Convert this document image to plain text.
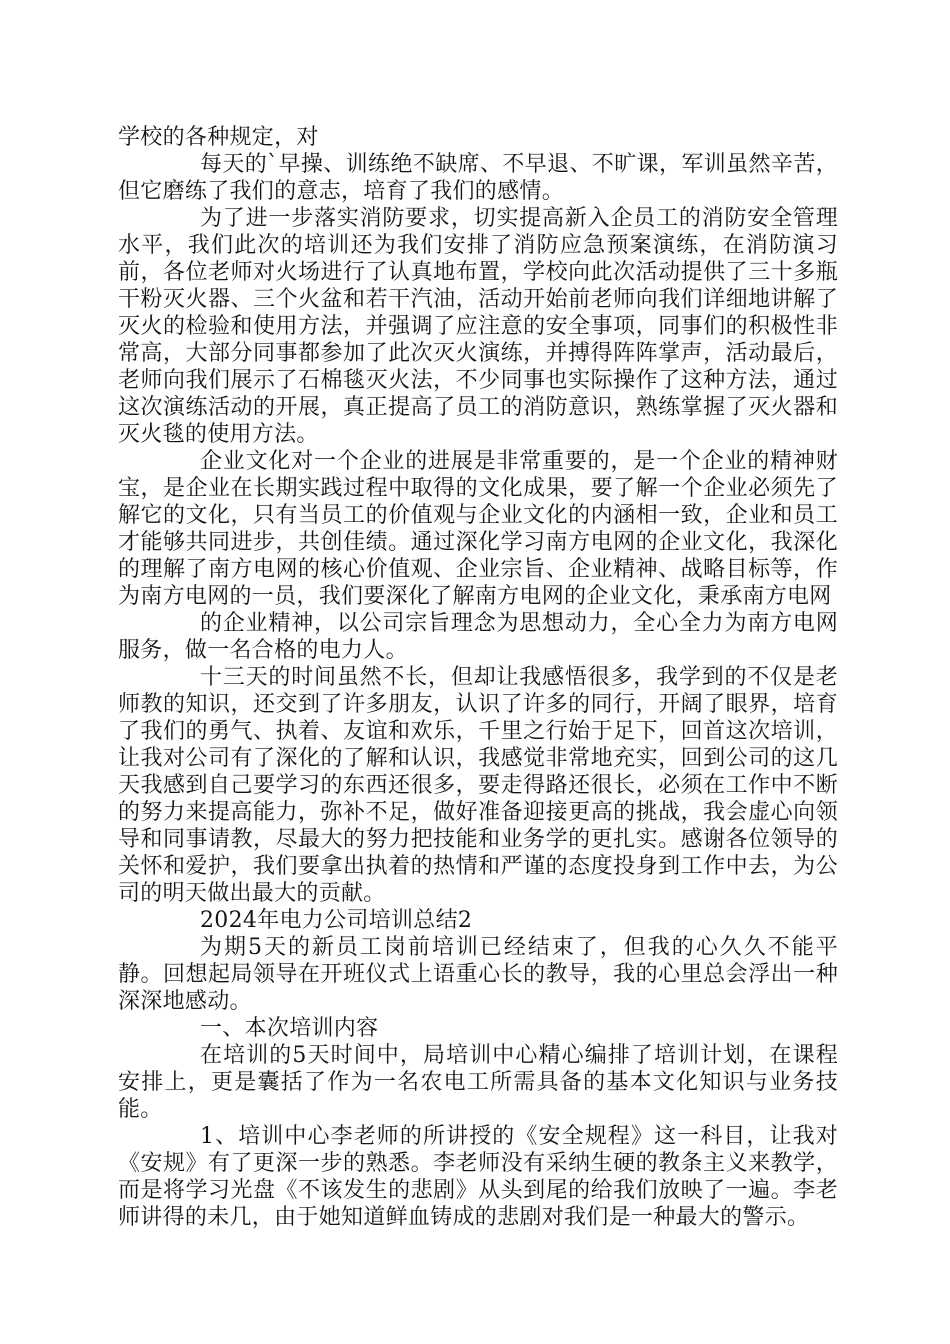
学校的各种规定，对

每天的`早操、训练绝不缺席、不早退、不旷课，军训虽然辛苦，但它磨练了我们的意志，培育了我们的感情。

为了进一步落实消防要求，切实提高新入企员工的消防安全管理水平，我们此次的培训还为我们安排了消防应急预案演练，在消防演习前，各位老师对火场进行了认真地布置，学校向此次活动提供了三十多瓶干粉灭火器、三个火盆和若干汽油，活动开始前老师向我们详细地讲解了灭火的检验和使用方法，并强调了应注意的安全事项，同事们的积极性非常高，大部分同事都参加了此次灭火演练，并搏得阵阵掌声，活动最后，老师向我们展示了石棉毯灭火法，不少同事也实际操作了这种方法，通过这次演练活动的开展，真正提高了员工的消防意识，熟练掌握了灭火器和灭火毯的使用方法。

企业文化对一个企业的进展是非常重要的，是一个企业的精神财宝，是企业在长期实践过程中取得的文化成果，要了解一个企业必须先了解它的文化，只有当员工的价值观与企业文化的内涵相一致，企业和员工才能够共同进步，共创佳绩。通过深化学习南方电网的企业文化，我深化的理解了南方电网的核心价值观、企业宗旨、企业精神、战略目标等，作为南方电网的一员，我们要深化了解南方电网的企业文化，秉承南方电网

的企业精神，以公司宗旨理念为思想动力，全心全力为南方电网服务，做一名合格的电力人。

十三天的时间虽然不长，但却让我感悟很多，我学到的不仅是老师教的知识，还交到了许多朋友，认识了许多的同行，开阔了眼界，培育了我们的勇气、执着、友谊和欢乐，千里之行始于足下，回首这次培训，让我对公司有了深化的了解和认识，我感觉非常地充实，回到公司的这几天我感到自己要学习的东西还很多，要走得路还很长，必须在工作中不断的努力来提高能力，弥补不足，做好准备迎接更高的挑战，我会虚心向领导和同事请教，尽最大的努力把技能和业务学的更扎实。感谢各位领导的关怀和爱护，我们要拿出执着的热情和严谨的态度投身到工作中去，为公司的明天做出最大的贡献。

2024年电力公司培训总结2

为期5天的新员工岗前培训已经结束了，但我的心久久不能平静。回想起局领导在开班仪式上语重心长的教导，我的心里总会浮出一种深深地感动。

一、本次培训内容

在培训的5天时间中，局培训中心精心编排了培训计划，在课程安排上，更是囊括了作为一名农电工所需具备的基本文化知识与业务技能。

1、培训中心李老师的所讲授的《安全规程》这一科目，让我对《安规》有了更深一步的熟悉。李老师没有采纳生硬的教条主义来教学，而是将学习光盘《不该发生的悲剧》从头到尾的给我们放映了一遍。李老师讲得的未几，由于她知道鲜血铸成的悲剧对我们是一种最大的警示。
